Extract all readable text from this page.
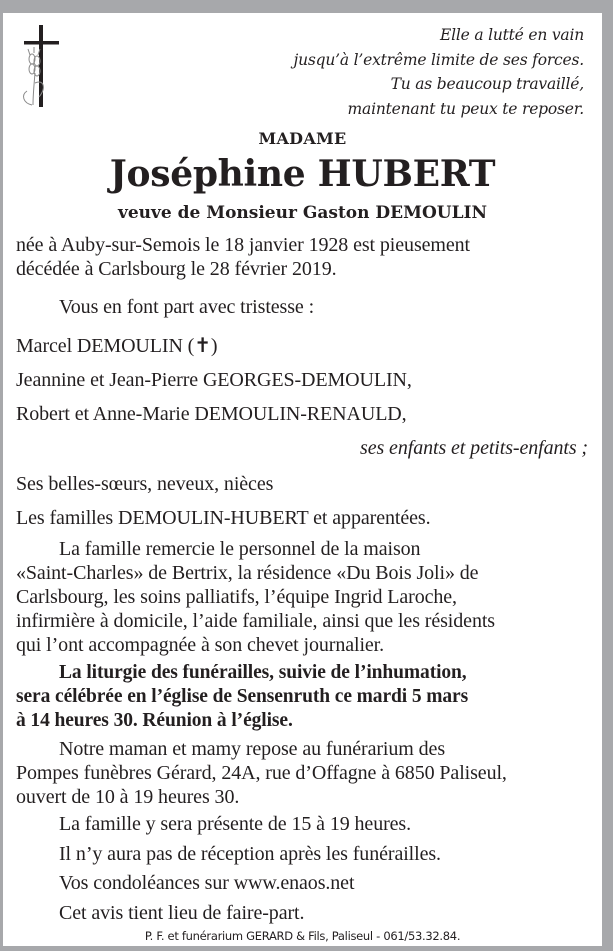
Elle a lutté en vain
jusqu’à l’extrême limite de ses forces.
Tu as beaucoup travaillé,
maintenant tu peux te reposer.
MADAME
Joséphine HUBERT
veuve de Monsieur Gaston DEMOULIN
née à Auby-sur-Semois le 18 janvier 1928 est pieusement
décédée à Carlsbourg le 28 février 2019.
Vous en font part avec tristesse :
Marcel DEMOULIN (✝)
Jeannine et Jean-Pierre GEORGES-DEMOULIN,
Robert et Anne-Marie DEMOULIN-RENAULD,
ses enfants et petits-enfants ;
Ses belles-sœurs, neveux, nièces
Les familles DEMOULIN-HUBERT et apparentées.
La famille remercie le personnel de la maison
«Saint-Charles» de Bertrix, la résidence «Du Bois Joli» de
Carlsbourg, les soins palliatifs, l’équipe Ingrid Laroche,
infirmière à domicile, l’aide familiale, ainsi que les résidents
qui l’ont accompagnée à son chevet journalier.
La liturgie des funérailles, suivie de l’inhumation,
sera célébrée en l’église de Sensenruth ce mardi 5 mars
à 14 heures 30. Réunion à l’église.
Notre maman et mamy repose au funérarium des
Pompes funèbres Gérard, 24A, rue d’Offagne à 6850 Paliseul,
ouvert de 10 à 19 heures 30.
La famille y sera présente de 15 à 19 heures.
Il n’y aura pas de réception après les funérailles.
Vos condoléances sur www.enaos.net
Cet avis tient lieu de faire-part.
P. F. et funérarium GERARD & Fils, Paliseul - 061/53.32.84.
